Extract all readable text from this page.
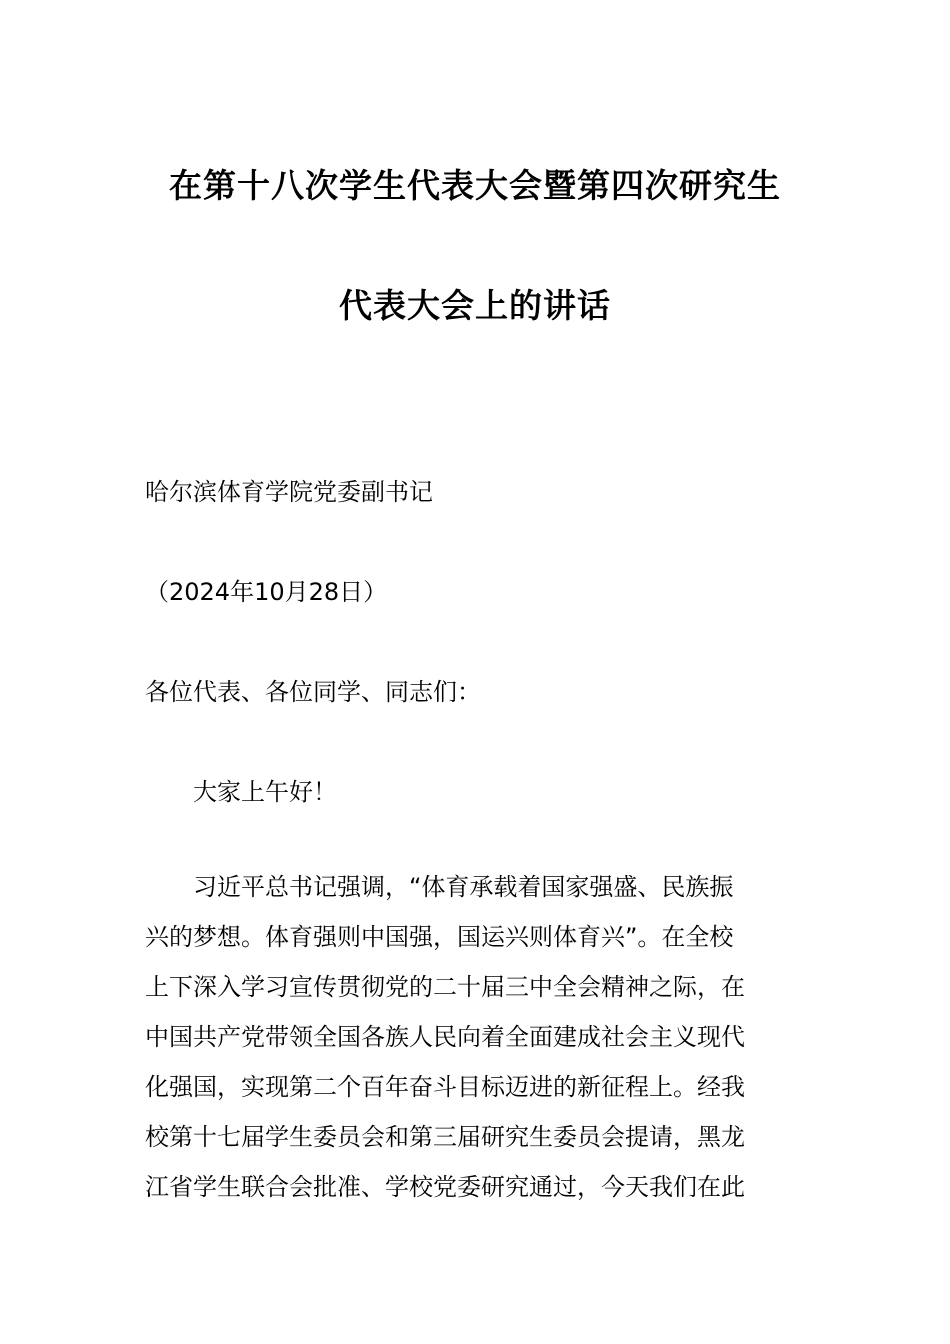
在第十八次学生代表大会暨第四次研究生
代表大会上的讲话
哈尔滨体育学院党委副书记
（2024年10月28日）
各位代表、各位同学、同志们：
大家上午好！
习近平总书记强调，“体育承载着国家强盛、民族振
兴的梦想。体育强则中国强，国运兴则体育兴”。在全校
上下深入学习宣传贯彻党的二十届三中全会精神之际，在
中国共产党带领全国各族人民向着全面建成社会主义现代
化强国，实现第二个百年奋斗目标迈进的新征程上。经我
校第十七届学生委员会和第三届研究生委员会提请，黑龙
江省学生联合会批准、学校党委研究通过，今天我们在此
